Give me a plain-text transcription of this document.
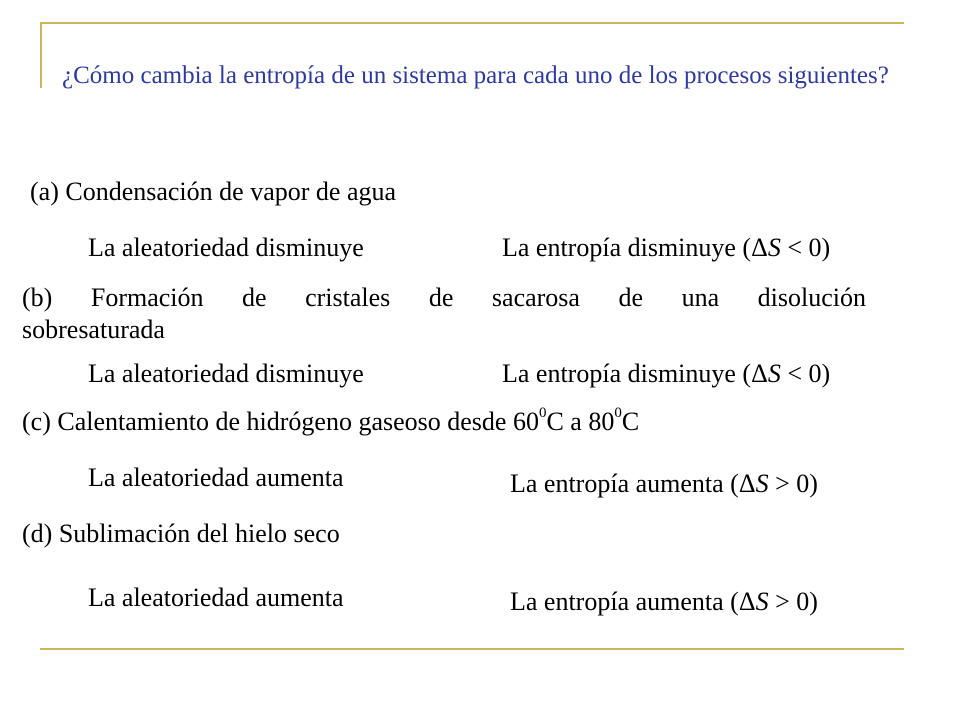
¿Cómo cambia la entropía de un sistema para cada uno de los procesos siguientes?
(a) Condensación de vapor de agua
La aleatoriedad disminuye	La entropía disminuye (ΔS < 0)
(b) Formación de cristales de sacarosa de una disolución
sobresaturada
La aleatoriedad disminuye	La entropía disminuye (ΔS < 0)
(c) Calentamiento de hidrógeno gaseoso desde $60^0C$ a $80^0C$
La aleatoriedad aumenta	La entropía aumenta (ΔS > 0)
(d) Sublimación del hielo seco
La aleatoriedad aumenta	La entropía aumenta (ΔS > 0)
